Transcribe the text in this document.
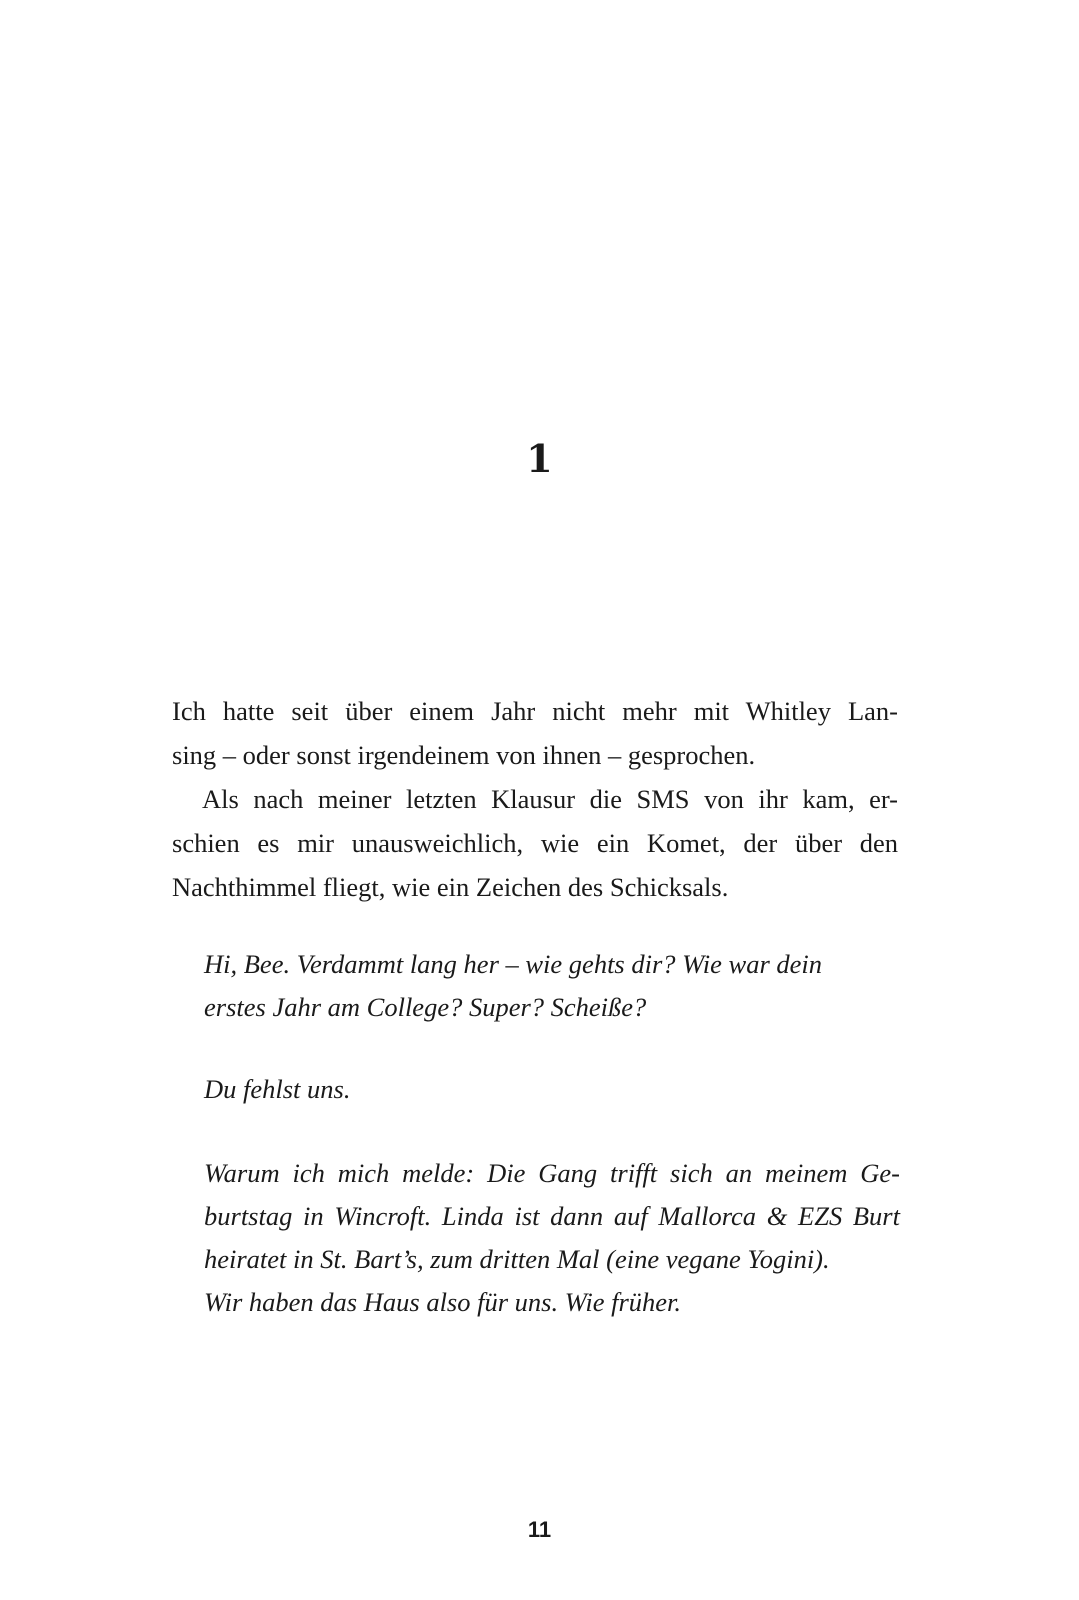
1
Ich hatte seit über einem Jahr nicht mehr mit Whitley Lan-
sing – oder sonst irgendeinem von ihnen – gesprochen.
Als nach meiner letzten Klausur die SMS von ihr kam, er-
schien es mir unausweichlich, wie ein Komet, der über den
Nachthimmel fliegt, wie ein Zeichen des Schicksals.
Hi, Bee. Verdammt lang her – wie gehts dir? Wie war dein
erstes Jahr am College? Super? Scheiße?
Du fehlst uns.
Warum ich mich melde: Die Gang trifft sich an meinem Ge-
burtstag in Wincroft. Linda ist dann auf Mallorca & EZS Burt
heiratet in St. Bart’s, zum dritten Mal (eine vegane Yogini).
Wir haben das Haus also für uns. Wie früher.
11
